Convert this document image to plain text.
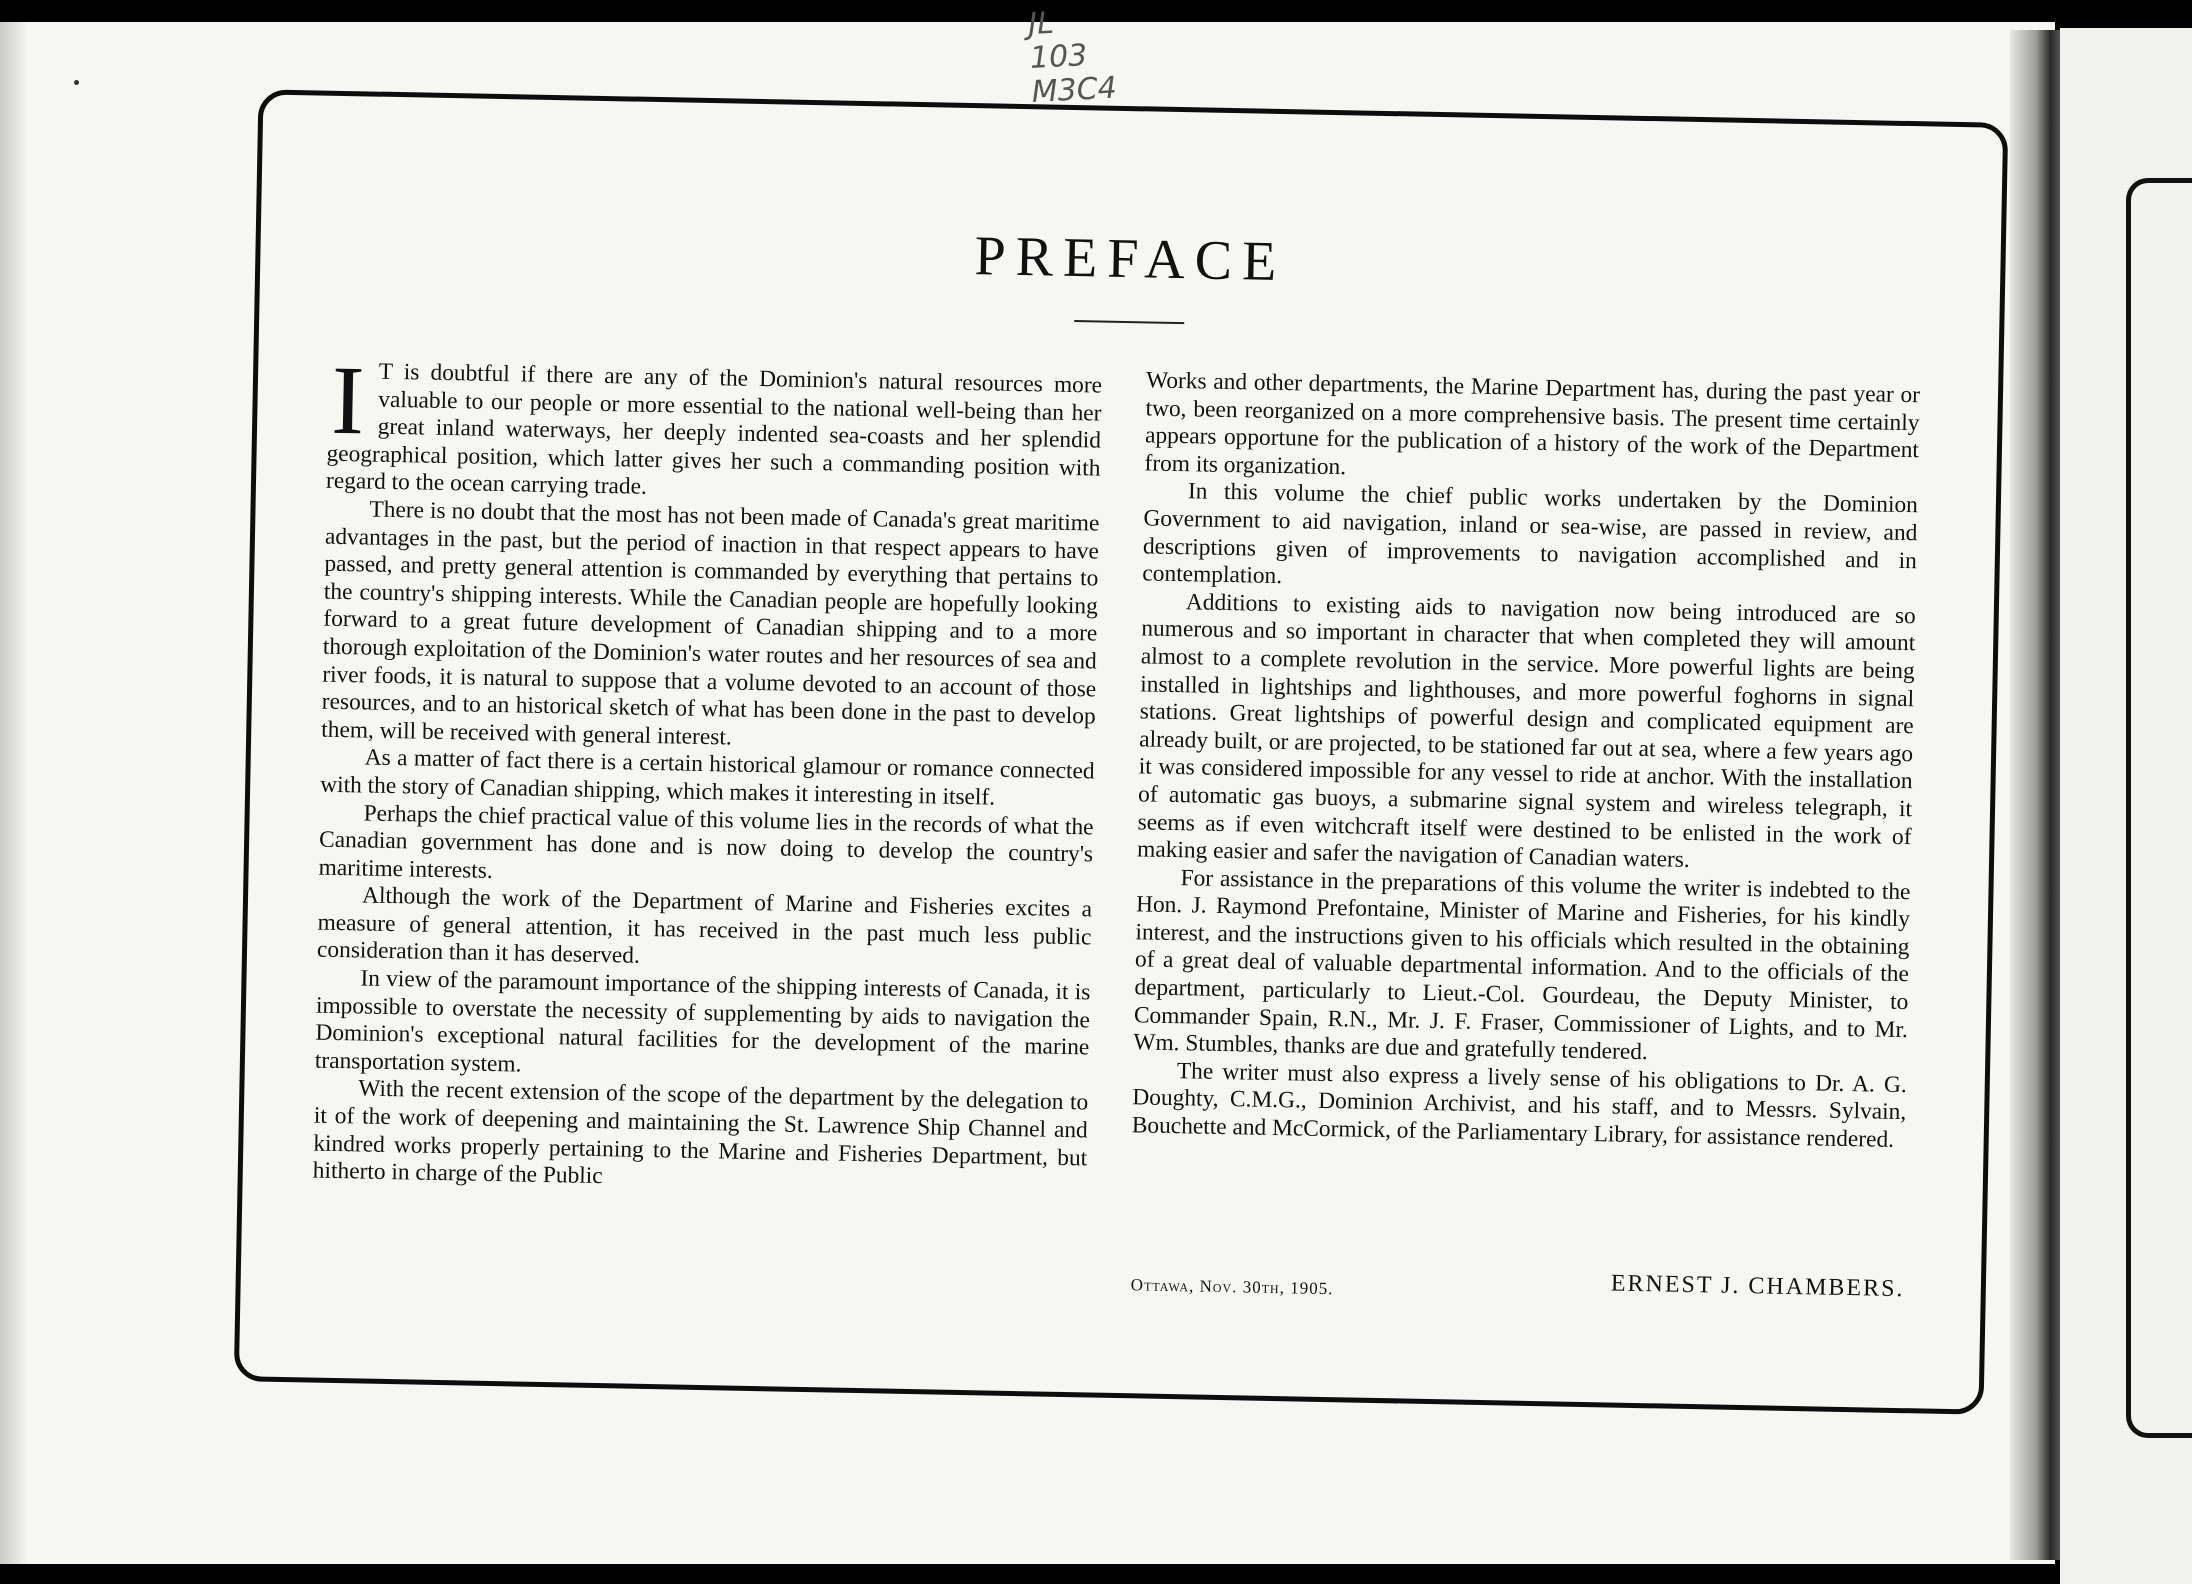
JL
103
M3C4
PREFACE

I T is doubtful if there are any of the Dominion's natural resources more valuable to our people or more essential to the national well-being than her great inland waterways, her deeply indented sea-coasts and her splendid geographical position, which latter gives her such a commanding position with regard to the ocean carrying trade.

There is no doubt that the most has not been made of Canada's great maritime advantages in the past, but the period of inaction in that respect appears to have passed, and pretty general attention is commanded by everything that pertains to the country's shipping interests. While the Canadian people are hopefully looking forward to a great future development of Canadian shipping and to a more thorough exploitation of the Dominion's water routes and her resources of sea and river foods, it is natural to suppose that a volume devoted to an account of those resources, and to an historical sketch of what has been done in the past to develop them, will be received with general interest.

As a matter of fact there is a certain historical glamour or romance connected with the story of Canadian shipping, which makes it interesting in itself.

Perhaps the chief practical value of this volume lies in the records of what the Canadian government has done and is now doing to develop the country's maritime interests.

Although the work of the Department of Marine and Fisheries excites a measure of general attention, it has received in the past much less public consideration than it has deserved.

In view of the paramount importance of the shipping interests of Canada, it is impossible to overstate the necessity of supplementing by aids to navigation the Dominion's exceptional natural facilities for the development of the marine transportation system.

With the recent extension of the scope of the department by the delegation to it of the work of deepening and maintaining the St. Lawrence Ship Channel and kindred works properly pertaining to the Marine and Fisheries Department, but hitherto in charge of the Public

Works and other departments, the Marine Department has, during the past year or two, been reorganized on a more comprehensive basis. The present time certainly appears opportune for the publication of a history of the work of the Department from its organization.

In this volume the chief public works undertaken by the Dominion Government to aid navigation, inland or sea-wise, are passed in review, and descriptions given of improvements to navigation accomplished and in contemplation.

Additions to existing aids to navigation now being introduced are so numerous and so important in character that when completed they will amount almost to a complete revolution in the service. More powerful lights are being installed in lightships and lighthouses, and more powerful foghorns in signal stations. Great lightships of powerful design and complicated equipment are already built, or are projected, to be stationed far out at sea, where a few years ago it was considered impossible for any vessel to ride at anchor. With the installation of automatic gas buoys, a submarine signal system and wireless telegraph, it seems as if even witchcraft itself were destined to be enlisted in the work of making easier and safer the navigation of Canadian waters.

For assistance in the preparations of this volume the writer is indebted to the Hon. J. Raymond Prefontaine, Minister of Marine and Fisheries, for his kindly interest, and the instructions given to his officials which resulted in the obtaining of a great deal of valuable departmental information. And to the officials of the department, particularly to Lieut.-Col. Gourdeau, the Deputy Minister, to Commander Spain, R.N., Mr. J. F. Fraser, Commissioner of Lights, and to Mr. Wm. Stumbles, thanks are due and gratefully tendered.

The writer must also express a lively sense of his obligations to Dr. A. G. Doughty, C.M.G., Dominion Archivist, and his staff, and to Messrs. Sylvain, Bouchette and McCormick, of the Parliamentary Library, for assistance rendered.

Ottawa, Nov. 30th, 1905.	ERNEST J. CHAMBERS.
